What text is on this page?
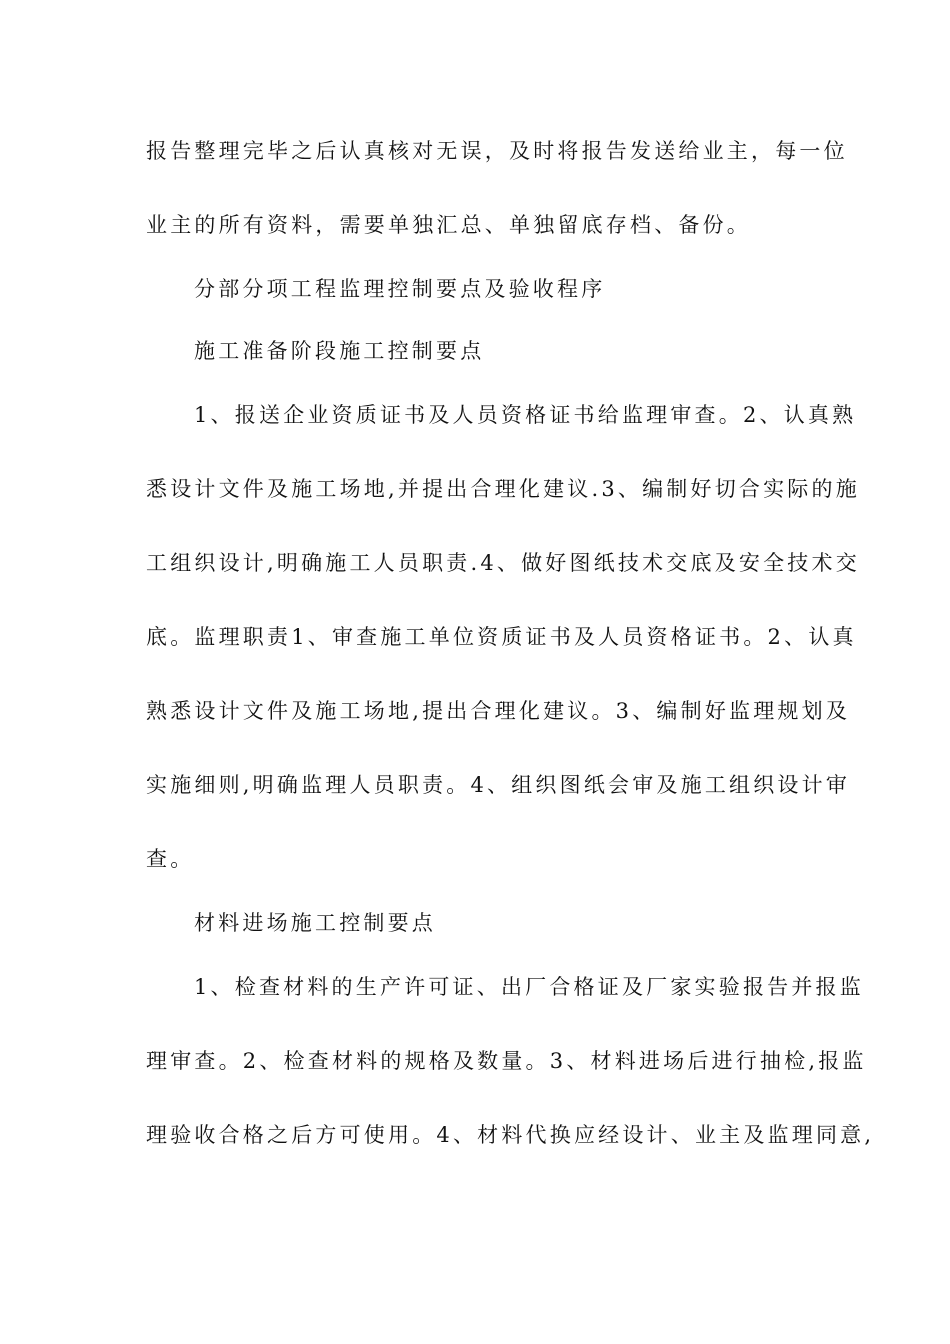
报告整理完毕之后认真核对无误，及时将报告发送给业主，每一位
业主的所有资料，需要单独汇总、单独留底存档、备份。
分部分项工程监理控制要点及验收程序
施工准备阶段施工控制要点
1、报送企业资质证书及人员资格证书给监理审查。2、认真熟
悉设计文件及施工场地,并提出合理化建议.3、编制好切合实际的施
工组织设计,明确施工人员职责.4、做好图纸技术交底及安全技术交
底。监理职责1、审查施工单位资质证书及人员资格证书。2、认真
熟悉设计文件及施工场地,提出合理化建议。3、编制好监理规划及
实施细则,明确监理人员职责。4、组织图纸会审及施工组织设计审
查。
材料进场施工控制要点
1、检查材料的生产许可证、出厂合格证及厂家实验报告并报监
理审查。2、检查材料的规格及数量。3、材料进场后进行抽检,报监
理验收合格之后方可使用。4、材料代换应经设计、业主及监理同意,
